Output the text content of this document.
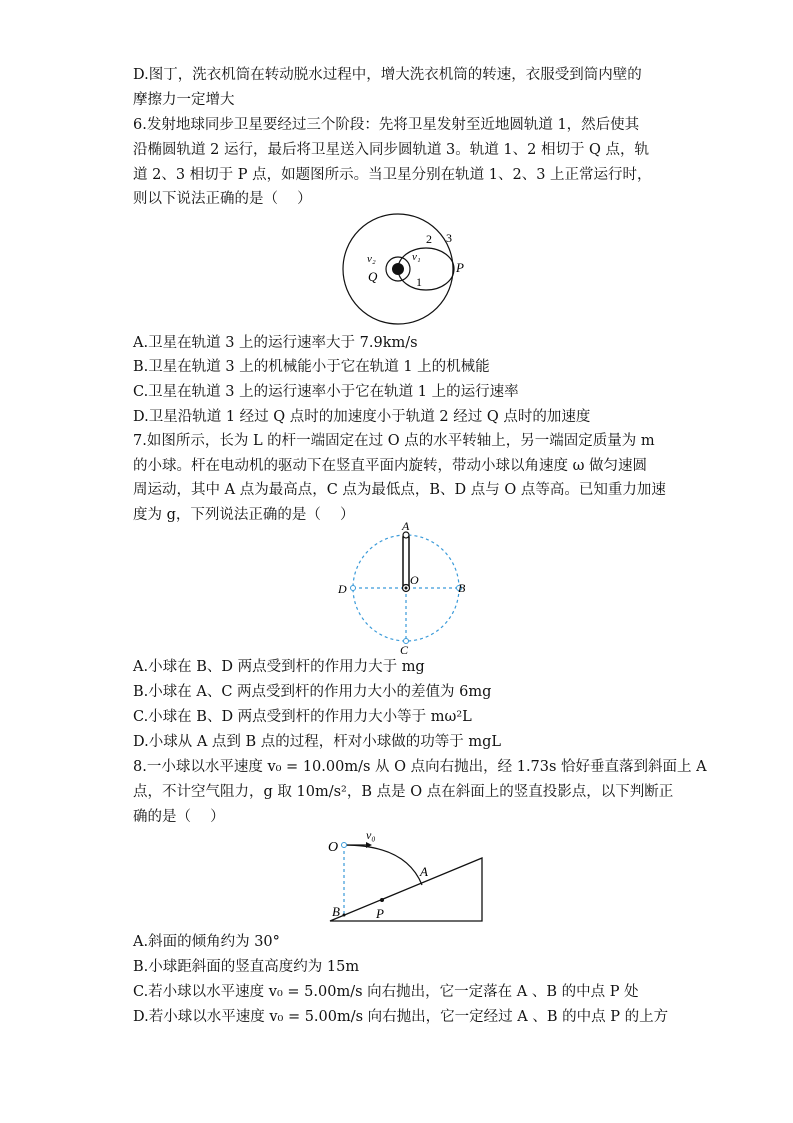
D.图丁，洗衣机筒在转动脱水过程中，增大洗衣机筒的转速，衣服受到筒内壁的
摩擦力一定增大
6.发射地球同步卫星要经过三个阶段：先将卫星发射至近地圆轨道 1，然后使其
沿椭圆轨道 2 运行，最后将卫星送入同步圆轨道 3。轨道 1、2 相切于 Q 点，轨
道 2、3 相切于 P 点，如题图所示。当卫星分别在轨道 1、2、3 上正常运行时，
则以下说法正确的是（　 ）
v₂	v₁
Q
P
1
2 3
A.卫星在轨道 3 上的运行速率大于 7.9km/s
B.卫星在轨道 3 上的机械能小于它在轨道 1 上的机械能
C.卫星在轨道 3 上的运行速率小于它在轨道 1 上的运行速率
D.卫星沿轨道 1 经过 Q 点时的加速度小于轨道 2 经过 Q 点时的加速度
7.如图所示，长为 L 的杆一端固定在过 O 点的水平转轴上，另一端固定质量为 m
的小球。杆在电动机的驱动下在竖直平面内旋转，带动小球以角速度 ω 做匀速圆
周运动，其中 A 点为最高点，C 点为最低点，B、D 点与 O 点等高。已知重力加速
度为 g，下列说法正确的是（　 ）
A
B
C
D
O
A.小球在 B、D 两点受到杆的作用力大于 mg
B.小球在 A、C 两点受到杆的作用力大小的差值为 6mg
C.小球在 B、D 两点受到杆的作用力大小等于 mω²L
D.小球从 A 点到 B 点的过程，杆对小球做的功等于 mgL
8.一小球以水平速度 v₀ = 10.00m/s 从 O 点向右抛出，经 1.73s 恰好垂直落到斜面上 A
点，不计空气阻力，g 取 10m/s²，B 点是 O 点在斜面上的竖直投影点，以下判断正
确的是（　 ）
O
v₀
A
B	P
A.斜面的倾角约为 30°
B.小球距斜面的竖直高度约为 15m
C.若小球以水平速度 v₀ = 5.00m/s 向右抛出，它一定落在 A 、B 的中点 P 处
D.若小球以水平速度 v₀ = 5.00m/s 向右抛出，它一定经过 A 、B 的中点 P 的上方
